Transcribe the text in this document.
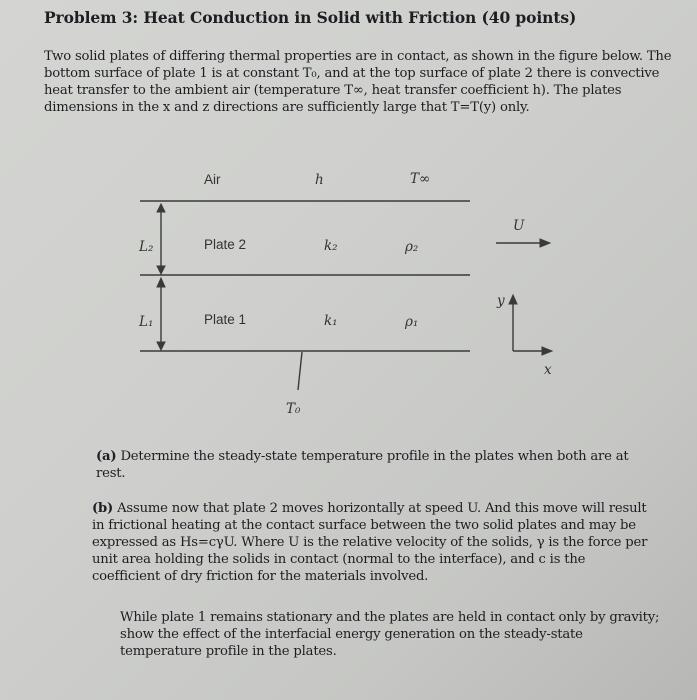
Problem 3: Heat Conduction in Solid with Friction (40 points)
Two solid plates of differing thermal properties are in contact, as shown in the figure below. The bottom surface of plate 1 is at constant T₀, and at the top surface of plate 2 there is convective heat transfer to the ambient air (temperature T∞, heat transfer coefficient h). The plates dimensions in the x and z directions are sufficiently large that T=T(y) only.
Air	h	T∞
Plate 2
L₂	k₂	ρ₂
Plate 1
L₁	k₁	ρ₁
U
y
x
T₀
(a) Determine the steady-state temperature profile in the plates when both are at rest.
(b) Assume now that plate 2 moves horizontally at speed U. And this move will result in frictional heating at the contact surface between the two solid plates and may be expressed as Hs=cγU. Where U is the relative velocity of the solids, γ is the force per unit area holding the solids in contact (normal to the interface), and c is the coefficient of dry friction for the materials involved.
While plate 1 remains stationary and the plates are held in contact only by gravity; show the effect of the interfacial energy generation on the steady-state temperature profile in the plates.
